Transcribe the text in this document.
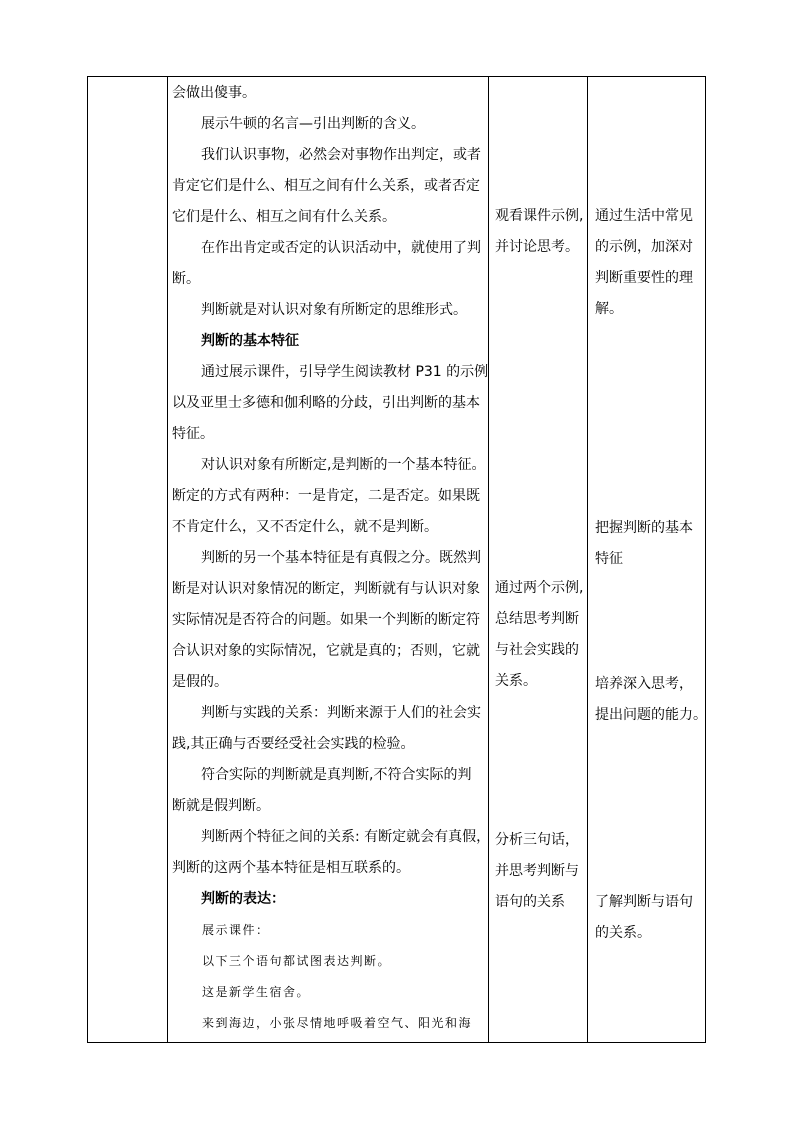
会做出傻事。
展示牛顿的名言—引出判断的含义。
我们认识事物，必然会对事物作出判定，或者
肯定它们是什么、相互之间有什么关系，或者否定
它们是什么、相互之间有什么关系。
在作出肯定或否定的认识活动中，就使用了判
断。
判断就是对认识对象有所断定的思维形式。
判断的基本特征
通过展示课件，引导学生阅读教材 P31 的示例
以及亚里士多德和伽利略的分歧，引出判断的基本
特征。
对认识对象有所断定,是判断的一个基本特征。
断定的方式有两种：一是肯定，二是否定。如果既
不肯定什么，又不否定什么，就不是判断。
判断的另一个基本特征是有真假之分。既然判
断是对认识对象情况的断定，判断就有与认识对象
实际情况是否符合的问题。如果一个判断的断定符
合认识对象的实际情况，它就是真的；否则，它就
是假的。
判断与实践的关系：判断来源于人们的社会实
践,其正确与否要经受社会实践的检验。
符合实际的判断就是真判断,不符合实际的判
断就是假判断。
判断两个特征之间的关系: 有断定就会有真假，
判断的这两个基本特征是相互联系的。
判断的表达：
展示课件：
以下三个语句都试图表达判断。
这是新学生宿舍。
来到海边，小张尽情地呼吸着空气、阳光和海
观看课件示例,
并讨论思考。
通过两个示例,
总结思考判断
与社会实践的
关系。
分析三句话，
并思考判断与
语句的关系
通过生活中常见
的示例，加深对
判断重要性的理
解。
把握判断的基本
特征
培养深入思考，
提出问题的能力。
了解判断与语句
的关系。
